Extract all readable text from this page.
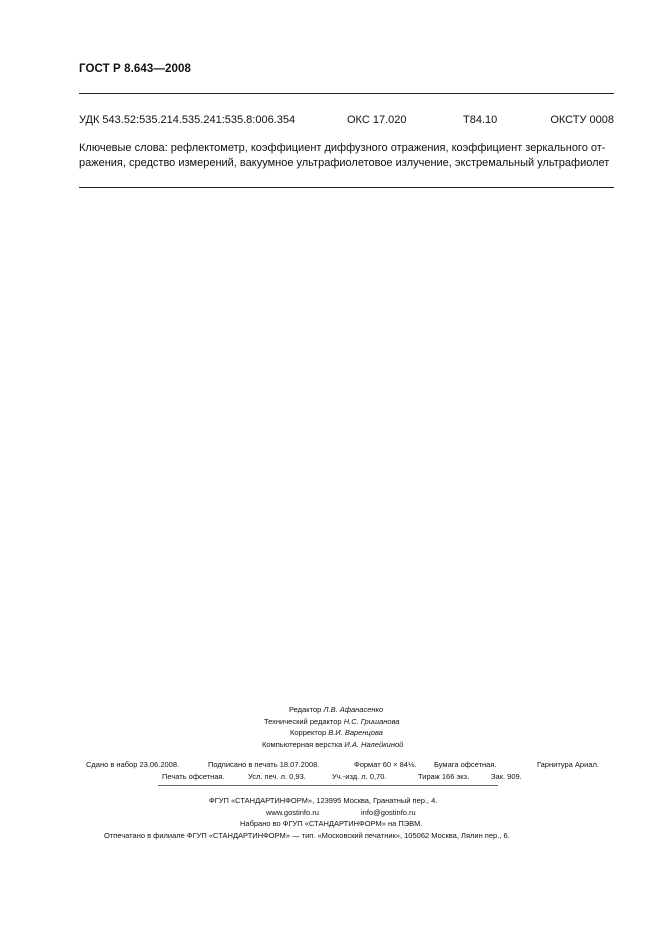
ГОСТ Р 8.643—2008
УДК 543.52:535.214.535.241:535.8:006.354	ОКС 17.020	Т84.10	ОКСТУ 0008
Ключевые слова: рефлектометр, коэффициент диффузного отражения, коэффициент зеркального от-
ражения, средство измерений, вакуумное ультрафиолетовое излучение, экстремальный ультрафиолет
Редактор Л.В. Афанасенко
Технический редактор Н.С. Гришанова
Корректор В.И. Варенцова
Компьютерная верстка И.А. Налейкиной
Сдано в набор 23.06.2008.	Подписано в печать 18.07.2008.	Формат 60 × 84⅛. Бумага офсетная.	Гарнитура Ариал.
Печать офсетная.	Усл. печ. л. 0,93.	Уч.-изд. л. 0,70.	Тираж 166 экз.	Зак. 909.
ФГУП «СТАНДАРТИНФОРМ», 123995 Москва, Гранатный пер., 4.
www.gostinfo.ru	info@gostinfo.ru
Набрано во ФГУП «СТАНДАРТИНФОРМ» на ПЭВМ.
Отпечатано в филиале ФГУП «СТАНДАРТИНФОРМ» — тип. «Московский печатник», 105062 Москва, Лялин пер., 6.
